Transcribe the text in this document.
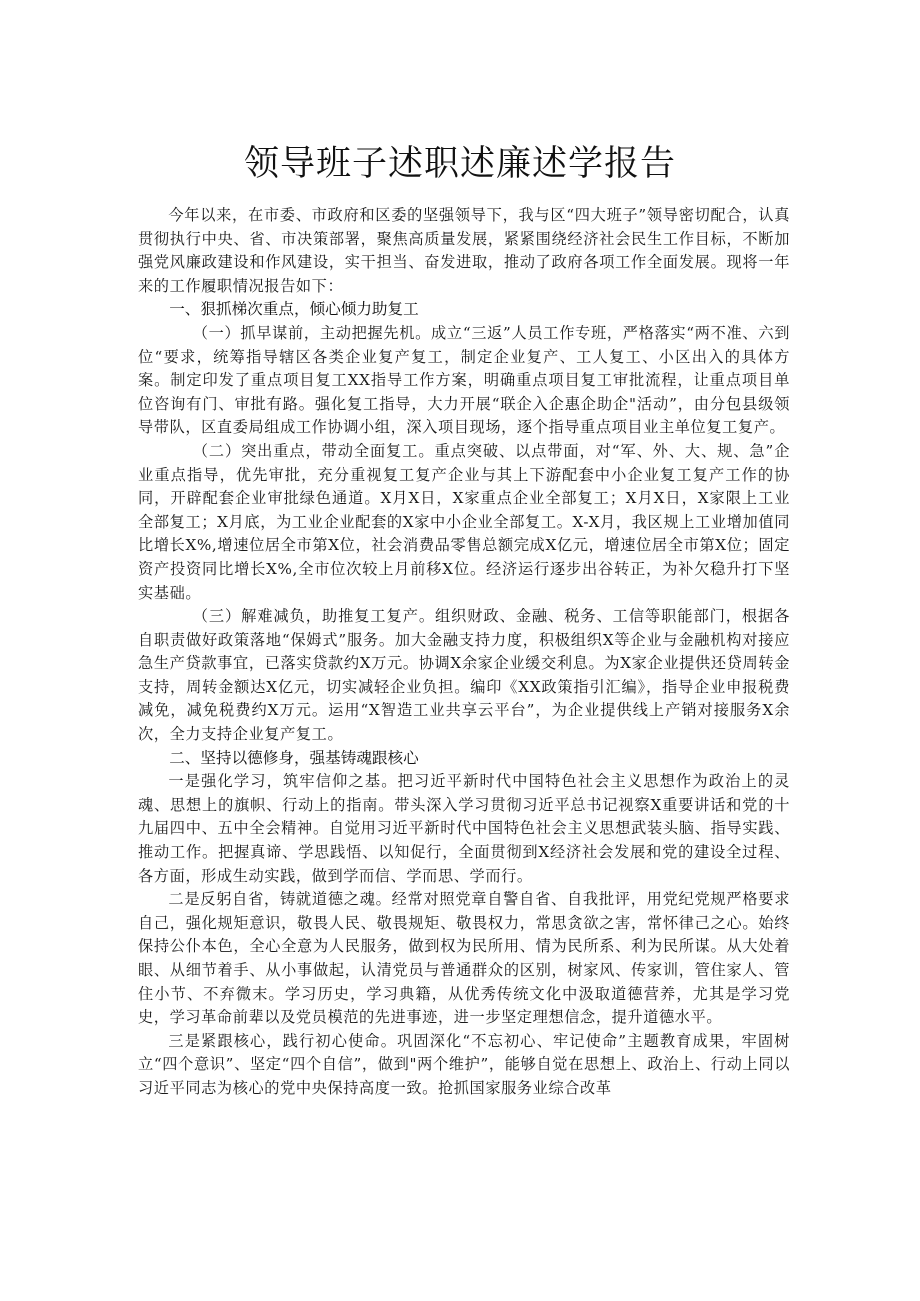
领导班子述职述廉述学报告

今年以来，在市委、市政府和区委的坚强领导下，我与区“四大班子”领导密切配合，认真贯彻执行中央、省、市决策部署，聚焦高质量发展，紧紧围绕经济社会民生工作目标，不断加强党风廉政建设和作风建设，实干担当、奋发进取，推动了政府各项工作全面发展。现将一年来的工作履职情况报告如下：

一、狠抓梯次重点，倾心倾力助复工

（一）抓早谋前，主动把握先机。成立“三返”人员工作专班，严格落实“两不准、六到位“要求，统筹指导辖区各类企业复产复工，制定企业复产、工人复工、小区出入的具体方案。制定印发了重点项目复工XX指导工作方案，明确重点项目复工审批流程，让重点项目单位咨询有门、审批有路。强化复工指导，大力开展“联企入企惠企助企"活动”，由分包县级领导带队，区直委局组成工作协调小组，深入项目现场，逐个指导重点项目业主单位复工复产。

（二）突出重点，带动全面复工。重点突破、以点带面，对“军、外、大、规、急”企业重点指导，优先审批，充分重视复工复产企业与其上下游配套中小企业复工复产工作的协同，开辟配套企业审批绿色通道。X月X日，X家重点企业全部复工；X月X日，X家限上工业全部复工；X月底，为工业企业配套的X家中小企业全部复工。X-X月，我区规上工业增加值同比增长X%,增速位居全市第X位，社会消费品零售总额完成X亿元，增速位居全市第X位；固定资产投资同比增长X%,全市位次较上月前移X位。经济运行逐步出谷转正，为补欠稳升打下坚实基础。

（三）解难减负，助推复工复产。组织财政、金融、税务、工信等职能部门，根据各自职责做好政策落地“保姆式”服务。加大金融支持力度，积极组织X等企业与金融机构对接应急生产贷款事宜，已落实贷款约X万元。协调X余家企业缓交利息。为X家企业提供还贷周转金支持，周转金额达X亿元，切实减轻企业负担。编印《XX政策指引汇编》，指导企业申报税费减免，减免税费约X万元。运用“X智造工业共享云平台”，为企业提供线上产销对接服务X余次，全力支持企业复产复工。

二、坚持以德修身，强基铸魂跟核心

一是强化学习，筑牢信仰之基。把习近平新时代中国特色社会主义思想作为政治上的灵魂、思想上的旗帜、行动上的指南。带头深入学习贯彻习近平总书记视察X重要讲话和党的十九届四中、五中全会精神。自觉用习近平新时代中国特色社会主义思想武装头脑、指导实践、推动工作。把握真谛、学思践悟、以知促行，全面贯彻到X经济社会发展和党的建设全过程、各方面，形成生动实践，做到学而信、学而思、学而行。

二是反躬自省，铸就道德之魂。经常对照党章自警自省、自我批评，用党纪党规严格要求自己，强化规矩意识，敬畏人民、敬畏规矩、敬畏权力，常思贪欲之害，常怀律己之心。始终保持公仆本色，全心全意为人民服务，做到权为民所用、情为民所系、利为民所谋。从大处着眼、从细节着手、从小事做起，认清党员与普通群众的区别，树家风、传家训，管住家人、管住小节、不弃微末。学习历史，学习典籍，从优秀传统文化中汲取道德营养，尤其是学习党史，学习革命前辈以及党员模范的先进事迹，进一步坚定理想信念，提升道德水平。

三是紧跟核心，践行初心使命。巩固深化“不忘初心、牢记使命”主题教育成果，牢固树立“四个意识”、坚定“四个自信”，做到"两个维护”，能够自觉在思想上、政治上、行动上同以习近平同志为核心的党中央保持高度一致。抢抓国家服务业综合改革
